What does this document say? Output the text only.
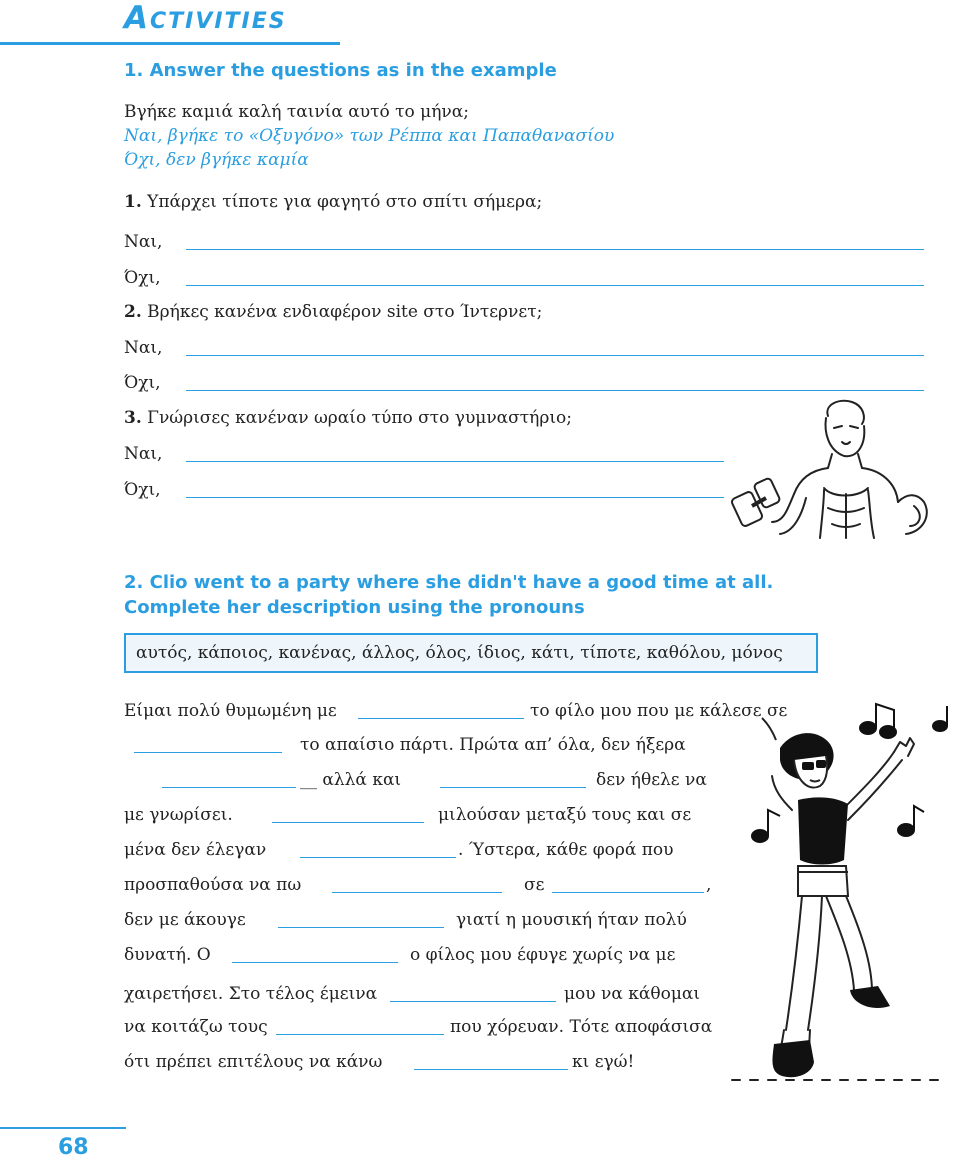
Activities
1. Answer the questions as in the example
Βγήκε καμιά καλή ταινία αυτό το μήνα;
Ναι, βγήκε το «Οξυγόνο» των Ρέππα και Παπαθανασίου
Όχι, δεν βγήκε καμία
1. Υπάρχει τίποτε για φαγητό στο σπίτι σήμερα;
Ναι,
Όχι,
2. Βρήκες κανένα ενδιαφέρον site στο Ίντερνετ;
Ναι,
Όχι,
3. Γνώρισες κανέναν ωραίο τύπο στο γυμναστήριο;
Ναι,
Όχι,
2. Clio went to a party where she didn't have a good time at all.
Complete her description using the pronouns
αυτός, κάποιος, κανένας, άλλος, όλος, ίδιος, κάτι, τίποτε, καθόλου, μόνος
Είμαι πολύ θυμωμένη με	το φίλο μου που με κάλεσε σε
το απαίσιο πάρτι. Πρώτα απ’ όλα, δεν ήξερα
__ αλλά και	δεν ήθελε να
με γνωρίσει.	μιλούσαν μεταξύ τους και σε
μένα δεν έλεγαν	. Ύστερα, κάθε φορά που
προσπαθούσα να πω	σε	,
δεν με άκουγε	γιατί η μουσική ήταν πολύ
δυνατή. Ο	ο φίλος μου έφυγε χωρίς να με
χαιρετήσει. Στο τέλος έμεινα	μου να κάθομαι
να κοιτάζω τους	που χόρευαν. Τότε αποφάσισα
ότι πρέπει επιτέλους να κάνω	κι εγώ!
68
